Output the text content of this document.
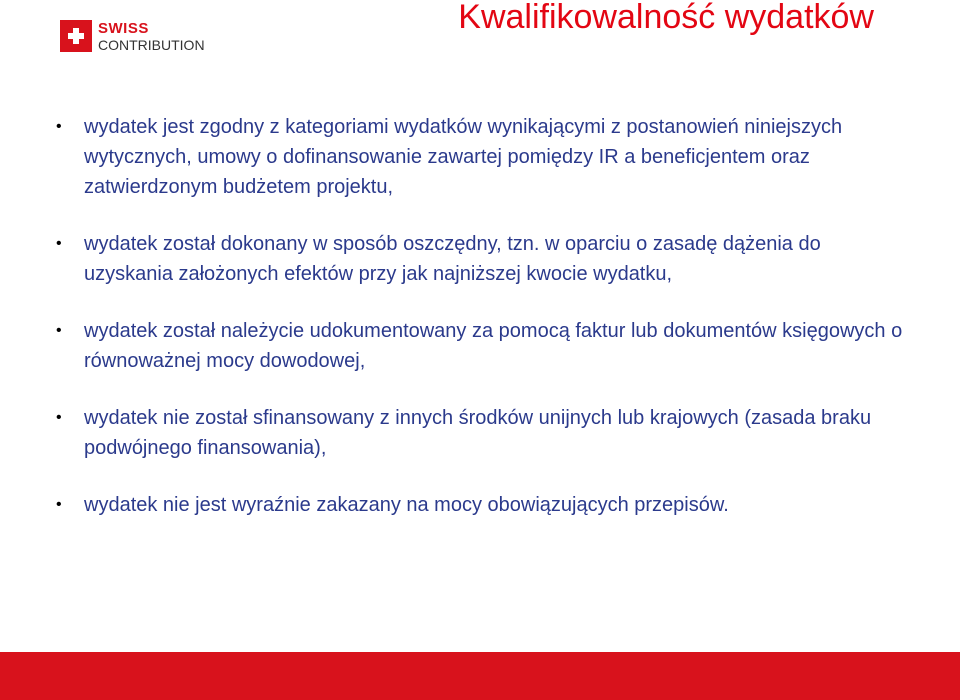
SWISS
CONTRIBUTION
Kwalifikowalność wydatków
• wydatek jest zgodny z kategoriami wydatków wynikającymi z postanowień niniejszych wytycznych, umowy o dofinansowanie zawartej pomiędzy IR a beneficjentem oraz zatwierdzonym budżetem projektu,
• wydatek został dokonany w sposób oszczędny, tzn. w oparciu o zasadę dążenia do uzyskania założonych efektów przy jak najniższej kwocie wydatku,
• wydatek został należycie udokumentowany za pomocą faktur lub dokumentów księgowych o równoważnej mocy dowodowej,
• wydatek nie został sfinansowany z innych środków unijnych lub krajowych (zasada braku podwójnego finansowania),
• wydatek nie jest wyraźnie zakazany na mocy obowiązujących przepisów.
